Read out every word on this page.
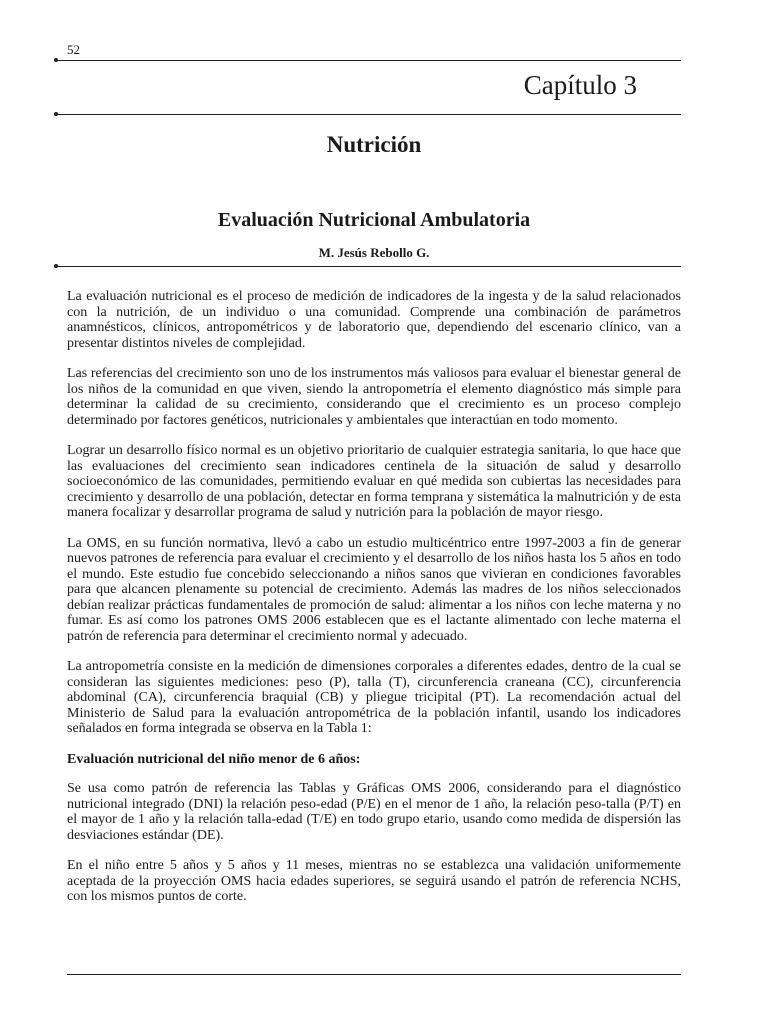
52
Capítulo 3
Nutrición
Evaluación Nutricional Ambulatoria
M. Jesús Rebollo G.

La evaluación nutricional es el proceso de medición de indicadores de la ingesta y de la salud relacionados con la nutrición, de un individuo o una comunidad. Comprende una combinación de parámetros anamnésticos, clínicos, antropométricos y de laboratorio que, dependiendo del escenario clínico, van a presentar distintos niveles de complejidad.

Las referencias del crecimiento son uno de los instrumentos más valiosos para evaluar el bienestar general de los niños de la comunidad en que viven, siendo la antropometría el elemento diagnóstico más simple para determinar la calidad de su crecimiento, considerando que el crecimiento es un proceso complejo determinado por factores genéticos, nutricionales y ambientales que interactúan en todo momento.

Lograr un desarrollo físico normal es un objetivo prioritario de cualquier estrategia sanitaria, lo que hace que las evaluaciones del crecimiento sean indicadores centinela de la situación de salud y desarrollo socioeconómico de las comunidades, permitiendo evaluar en qué medida son cubiertas las necesidades para crecimiento y desarrollo de una población, detectar en forma temprana y sistemática la malnutrición y de esta manera focalizar y desarrollar programa de salud y nutrición para la población de mayor riesgo.

La OMS, en su función normativa, llevó a cabo un estudio multicéntrico entre 1997-2003 a fin de generar nuevos patrones de referencia para evaluar el crecimiento y el desarrollo de los niños hasta los 5 años en todo el mundo. Este estudio fue concebido seleccionando a niños sanos que vivieran en condiciones favorables para que alcancen plenamente su potencial de crecimiento. Además las madres de los niños seleccionados debían realizar prácticas fundamentales de promoción de salud: alimentar a los niños con leche materna y no fumar. Es así como los patrones OMS 2006 establecen que es el lactante alimentado con leche materna el patrón de referencia para determinar el crecimiento normal y adecuado.

La antropometría consiste en la medición de dimensiones corporales a diferentes edades, dentro de la cual se consideran las siguientes mediciones: peso (P), talla (T), circunferencia craneana (CC), circunferencia abdominal (CA), circunferencia braquial (CB) y pliegue tricipital (PT). La recomendación actual del Ministerio de Salud para la evaluación antropométrica de la población infantil, usando los indicadores señalados en forma integrada se observa en la Tabla 1:

Evaluación nutricional del niño menor de 6 años:

Se usa como patrón de referencia las Tablas y Gráficas OMS 2006, considerando para el diagnóstico nutricional integrado (DNI) la relación peso-edad (P/E) en el menor de 1 año, la relación peso-talla (P/T) en el mayor de 1 año y la relación talla-edad (T/E) en todo grupo etario, usando como medida de dispersión las desviaciones estándar (DE).

En el niño entre 5 años y 5 años y 11 meses, mientras no se establezca una validación uniformemente aceptada de la proyección OMS hacia edades superiores, se seguirá usando el patrón de referencia NCHS, con los mismos puntos de corte.
